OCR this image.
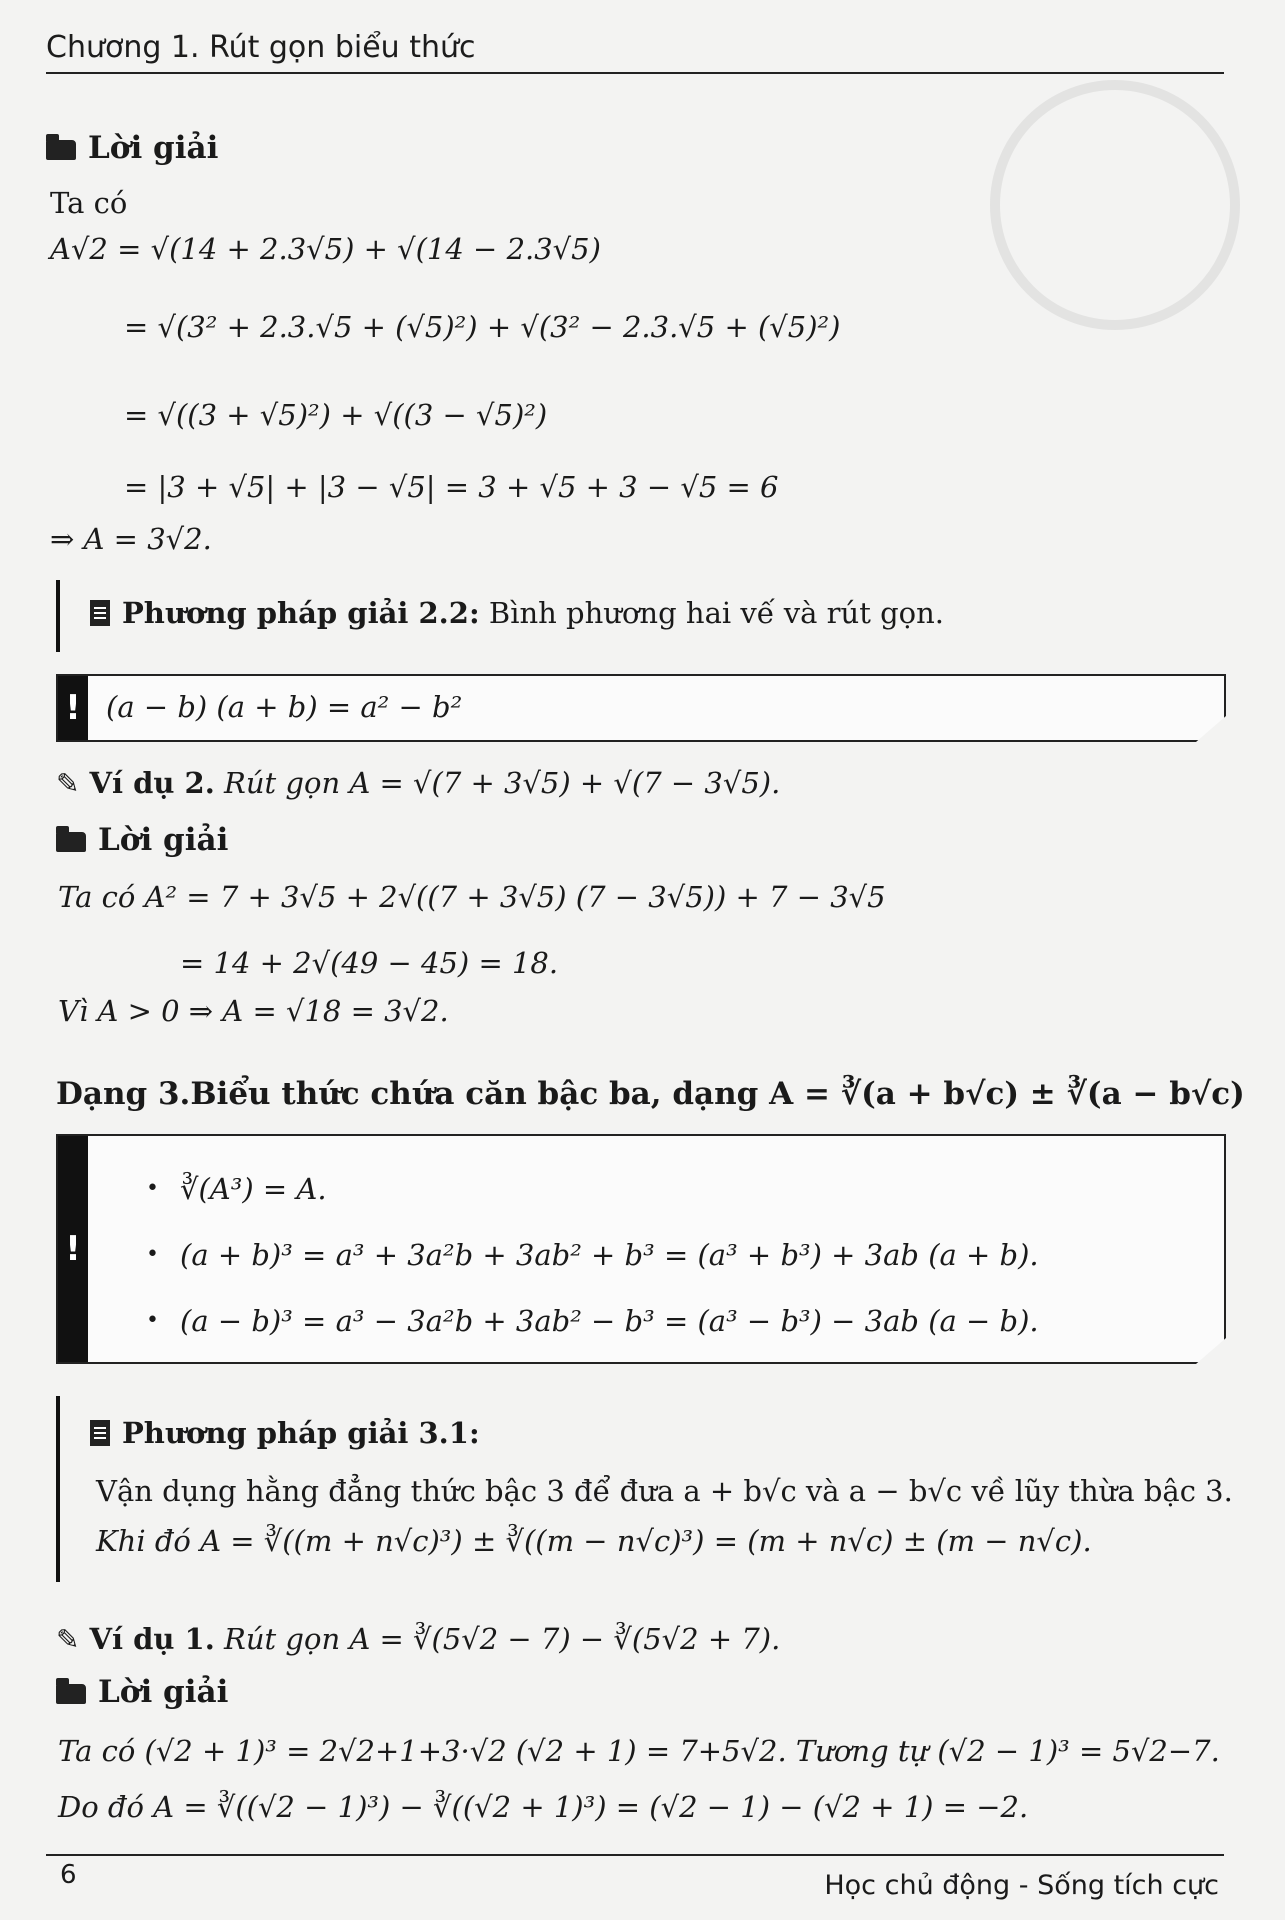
Chương 1. Rút gọn biểu thức
Lời giải
Ta có
A√2 = √(14 + 2.3√5) + √(14 − 2.3√5)
= √(3² + 2.3.√5 + (√5)²) + √(3² − 2.3.√5 + (√5)²)
= √((3 + √5)²) + √((3 − √5)²)
= |3 + √5| + |3 − √5| = 3 + √5 + 3 − √5 = 6
⇒ A = 3√2.
Phương pháp giải 2.2: Bình phương hai vế và rút gọn.
! (a − b) (a + b) = a² − b²
✎ Ví dụ 2. Rút gọn A = √(7 + 3√5) + √(7 − 3√5).
Lời giải
Ta có A² = 7 + 3√5 + 2√((7 + 3√5) (7 − 3√5)) + 7 − 3√5
= 14 + 2√(49 − 45) = 18.
Vì A > 0 ⇒ A = √18 = 3√2.
Dạng 3.Biểu thức chứa căn bậc ba, dạng A = ∛(a + b√c) ± ∛(a − b√c)
!
• ∛(A³) = A.
• (a + b)³ = a³ + 3a²b + 3ab² + b³ = (a³ + b³) + 3ab (a + b).
• (a − b)³ = a³ − 3a²b + 3ab² − b³ = (a³ − b³) − 3ab (a − b).
Phương pháp giải 3.1:
Vận dụng hằng đẳng thức bậc 3 để đưa a + b√c và a − b√c về lũy thừa bậc 3.
Khi đó A = ∛((m + n√c)³) ± ∛((m − n√c)³) = (m + n√c) ± (m − n√c).
✎ Ví dụ 1. Rút gọn A = ∛(5√2 − 7) − ∛(5√2 + 7).
Lời giải
Ta có (√2 + 1)³ = 2√2+1+3·√2 (√2 + 1) = 7+5√2. Tương tự (√2 − 1)³ = 5√2−7.
Do đó A = ∛((√2 − 1)³) − ∛((√2 + 1)³) = (√2 − 1) − (√2 + 1) = −2.
6	Học chủ động - Sống tích cực
